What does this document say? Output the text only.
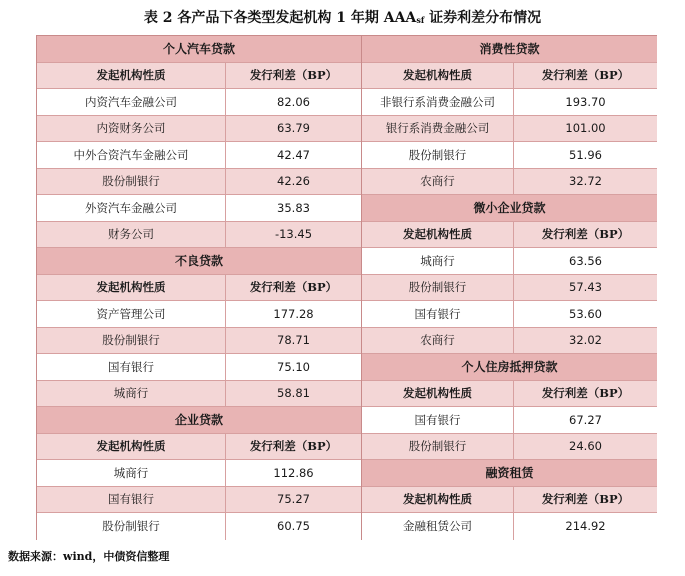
表 2 各产品下各类型发起机构 1 年期 $AAA_{sf}$ 证券利差分布情况
个人汽车贷款
发起机构性质	发行利差（BP）
内资汽车金融公司	82.06
内资财务公司	63.79
中外合资汽车金融公司	42.47
股份制银行	42.26
外资汽车金融公司	35.83
财务公司	-13.45
不良贷款
发起机构性质	发行利差（BP）
资产管理公司	177.28
股份制银行	78.71
国有银行	75.10
城商行	58.81
企业贷款
发起机构性质	发行利差（BP）
城商行	112.86
国有银行	75.27
股份制银行	60.75
消费性贷款
发起机构性质	发行利差（BP）
非银行系消费金融公司	193.70
银行系消费金融公司	101.00
股份制银行	51.96
农商行	32.72
微小企业贷款
发起机构性质	发行利差（BP）
城商行	63.56
股份制银行	57.43
国有银行	53.60
农商行	32.02
个人住房抵押贷款
发起机构性质	发行利差（BP）
国有银行	67.27
股份制银行	24.60
融资租赁
发起机构性质	发行利差（BP）
金融租赁公司	214.92
数据来源：wind，中债资信整理
